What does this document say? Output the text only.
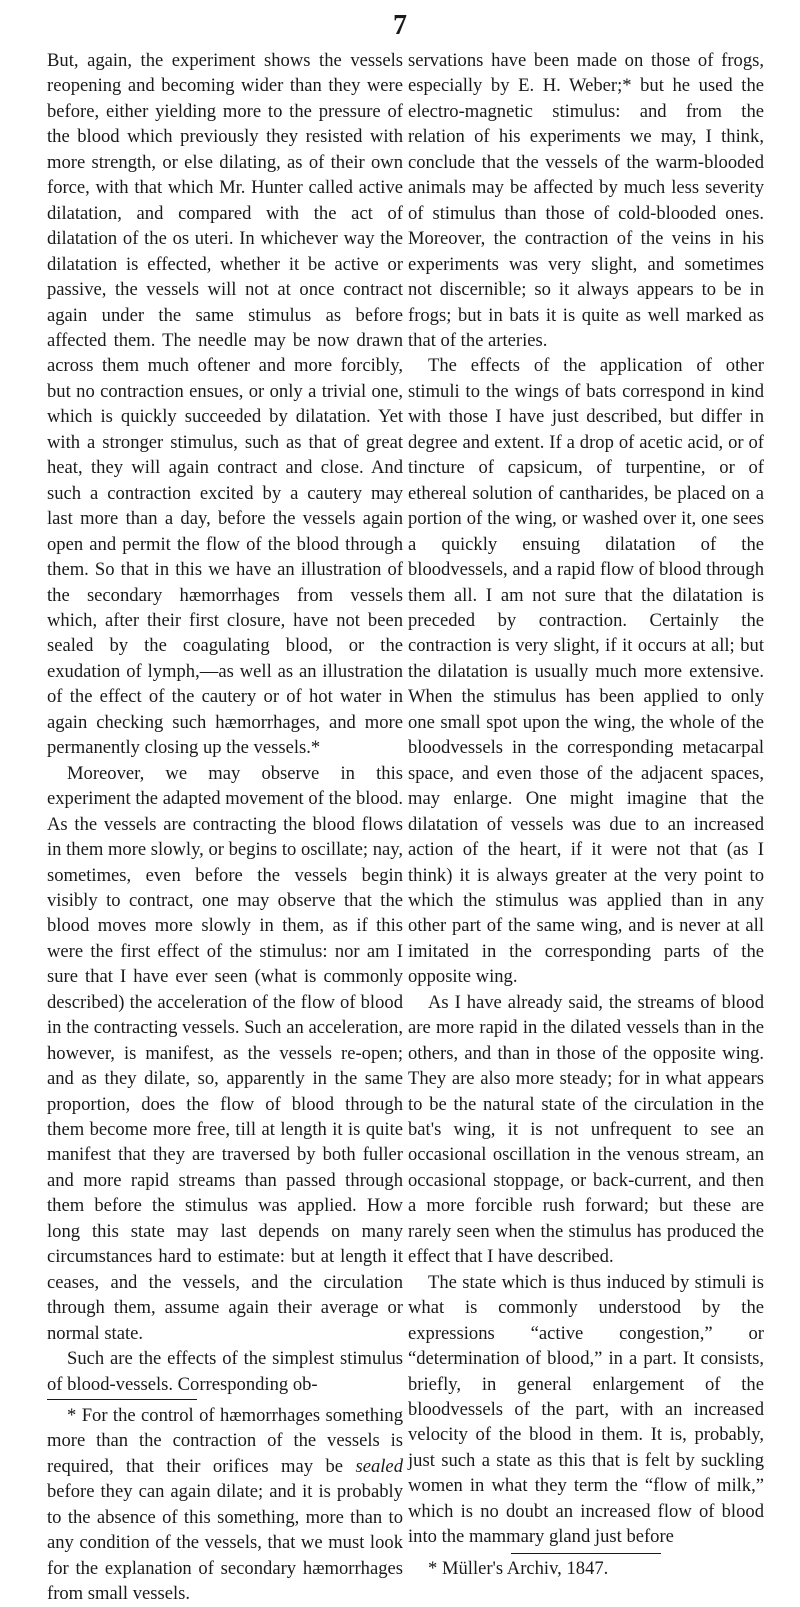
7

But, again, the experiment shows the vessels reopening and becoming wider than they were before, either yielding more to the pressure of the blood which previously they resisted with more strength, or else dilating, as of their own force, with that which Mr. Hunter called active dilatation, and compared with the act of dilatation of the os uteri. In whichever way the dilatation is effected, whether it be active or passive, the vessels will not at once contract again under the same stimulus as before affected them. The needle may be now drawn across them much oftener and more forcibly, but no contraction ensues, or only a trivial one, which is quickly succeeded by dilatation. Yet with a stronger stimulus, such as that of great heat, they will again contract and close. And such a contraction excited by a cautery may last more than a day, before the vessels again open and permit the flow of the blood through them. So that in this we have an illustration of the secondary hæmorrhages from vessels which, after their first closure, have not been sealed by the coagulating blood, or the exudation of lymph,—as well as an illustration of the effect of the cautery or of hot water in again checking such hæmorrhages, and more permanently closing up the vessels.*

Moreover, we may observe in this experiment the adapted movement of the blood. As the vessels are contracting the blood flows in them more slowly, or begins to oscillate; nay, sometimes, even before the vessels begin visibly to contract, one may observe that the blood moves more slowly in them, as if this were the first effect of the stimulus: nor am I sure that I have ever seen (what is commonly described) the acceleration of the flow of blood in the contracting vessels. Such an acceleration, however, is manifest, as the vessels re-open; and as they dilate, so, apparently in the same proportion, does the flow of blood through them become more free, till at length it is quite manifest that they are traversed by both fuller and more rapid streams than passed through them before the stimulus was applied. How long this state may last depends on many circumstances hard to estimate: but at length it ceases, and the vessels, and the circulation through them, assume again their average or normal state.

Such are the effects of the simplest stimulus of blood-vessels. Corresponding ob-

* For the control of hæmorrhages something more than the contraction of the vessels is required, that their orifices may be sealed before they can again dilate; and it is probably to the absence of this something, more than to any condition of the vessels, that we must look for the explanation of secondary hæmorrhages from small vessels.

servations have been made on those of frogs, especially by E. H. Weber;* but he used the electro-magnetic stimulus: and from the relation of his experiments we may, I think, conclude that the vessels of the warm-blooded animals may be affected by much less severity of stimulus than those of cold-blooded ones. Moreover, the contraction of the veins in his experiments was very slight, and sometimes not discernible; so it always appears to be in frogs; but in bats it is quite as well marked as that of the arteries.

The effects of the application of other stimuli to the wings of bats correspond in kind with those I have just described, but differ in degree and extent. If a drop of acetic acid, or of tincture of capsicum, of turpentine, or of ethereal solution of cantharides, be placed on a portion of the wing, or washed over it, one sees a quickly ensuing dilatation of the bloodvessels, and a rapid flow of blood through them all. I am not sure that the dilatation is preceded by contraction. Certainly the contraction is very slight, if it occurs at all; but the dilatation is usually much more extensive. When the stimulus has been applied to only one small spot upon the wing, the whole of the bloodvessels in the corresponding metacarpal space, and even those of the adjacent spaces, may enlarge. One might imagine that the dilatation of vessels was due to an increased action of the heart, if it were not that (as I think) it is always greater at the very point to which the stimulus was applied than in any other part of the same wing, and is never at all imitated in the corresponding parts of the opposite wing.

As I have already said, the streams of blood are more rapid in the dilated vessels than in the others, and than in those of the opposite wing. They are also more steady; for in what appears to be the natural state of the circulation in the bat's wing, it is not unfrequent to see an occasional oscillation in the venous stream, an occasional stoppage, or back-current, and then a more forcible rush forward; but these are rarely seen when the stimulus has produced the effect that I have described.

The state which is thus induced by stimuli is what is commonly understood by the expressions “active congestion,” or “determination of blood,” in a part. It consists, briefly, in general enlargement of the bloodvessels of the part, with an increased velocity of the blood in them. It is, probably, just such a state as this that is felt by suckling women in what they term the “flow of milk,” which is no doubt an increased flow of blood into the mammary gland just before

* Müller's Archiv, 1847.
